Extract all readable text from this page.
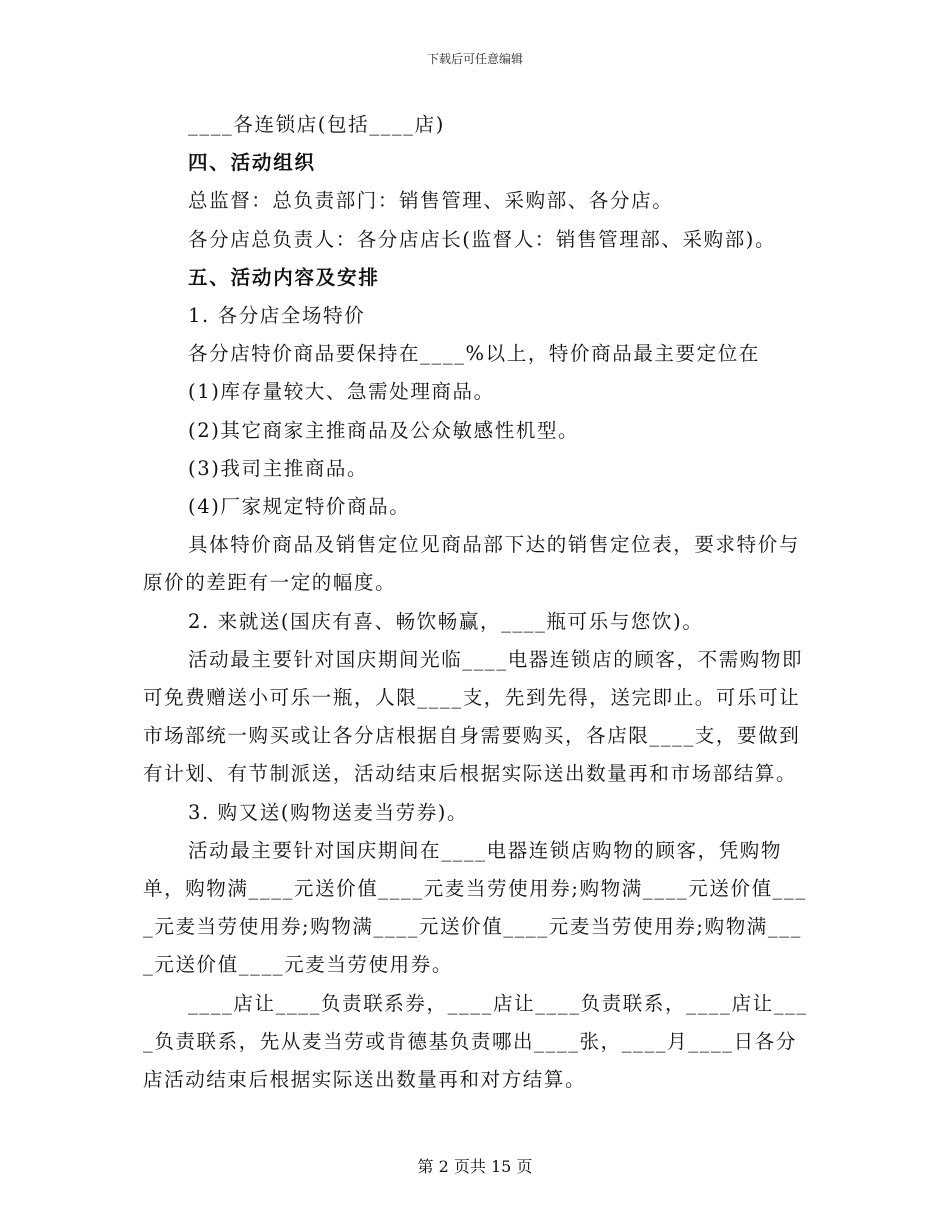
下载后可任意编辑

____各连锁店(包括____店)

四、活动组织

总监督：总负责部门：销售管理、采购部、各分店。

各分店总负责人：各分店店长(监督人：销售管理部、采购部)。

五、活动内容及安排

1. 各分店全场特价

各分店特价商品要保持在____%以上，特价商品最主要定位在

(1)库存量较大、急需处理商品。

(2)其它商家主推商品及公众敏感性机型。

(3)我司主推商品。

(4)厂家规定特价商品。

具体特价商品及销售定位见商品部下达的销售定位表，要求特价与原价的差距有一定的幅度。

2. 来就送(国庆有喜、畅饮畅赢，____瓶可乐与您饮)。

活动最主要针对国庆期间光临____电器连锁店的顾客，不需购物即可免费赠送小可乐一瓶，人限____支，先到先得，送完即止。可乐可让市场部统一购买或让各分店根据自身需要购买，各店限____支，要做到有计划、有节制派送，活动结束后根据实际送出数量再和市场部结算。

3. 购又送(购物送麦当劳券)。

活动最主要针对国庆期间在____电器连锁店购物的顾客，凭购物单，购物满____元送价值____元麦当劳使用券;购物满____元送价值____元麦当劳使用券;购物满____元送价值____元麦当劳使用券;购物满____元送价值____元麦当劳使用券。

____店让____负责联系券，____店让____负责联系，____店让____负责联系，先从麦当劳或肯德基负责哪出____张，____月____日各分店活动结束后根据实际送出数量再和对方结算。

第 2 页共 15 页
